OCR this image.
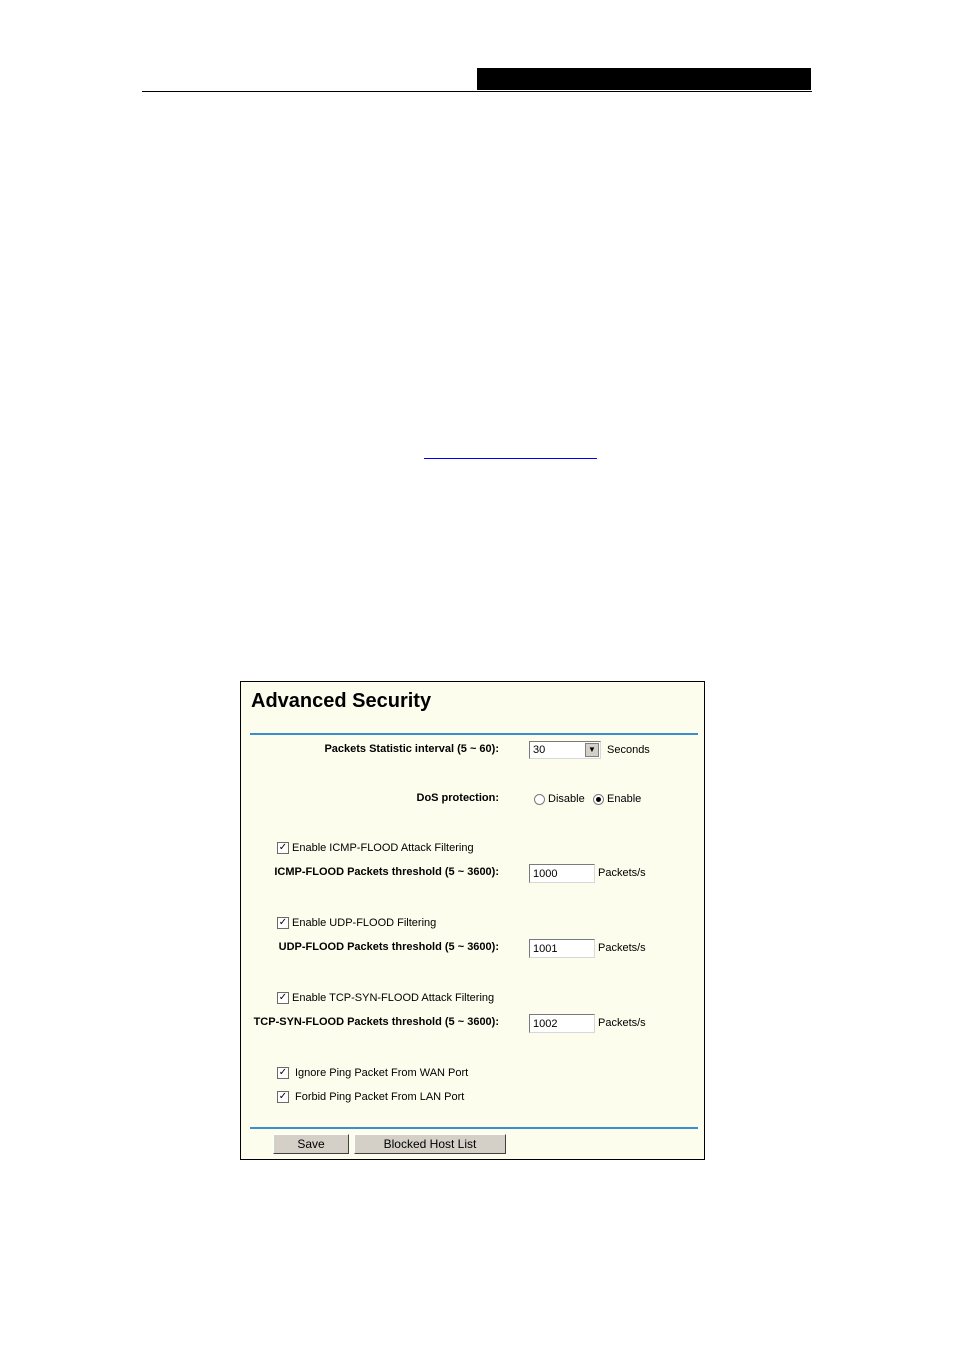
Advanced Security
Packets Statistic interval (5 ~ 60):	30	▼ Seconds
DoS protection:	Disable Enable
✓ Enable ICMP-FLOOD Attack Filtering
ICMP-FLOOD Packets threshold (5 ~ 3600):
1000	Packets/s
✓ Enable UDP-FLOOD Filtering
UDP-FLOOD Packets threshold (5 ~ 3600):
1001	Packets/s
✓ Enable TCP-SYN-FLOOD Attack Filtering
TCP-SYN-FLOOD Packets threshold (5 ~ 3600):
1002	Packets/s
✓ Ignore Ping Packet From WAN Port
✓ Forbid Ping Packet From LAN Port
Save	Blocked Host List
